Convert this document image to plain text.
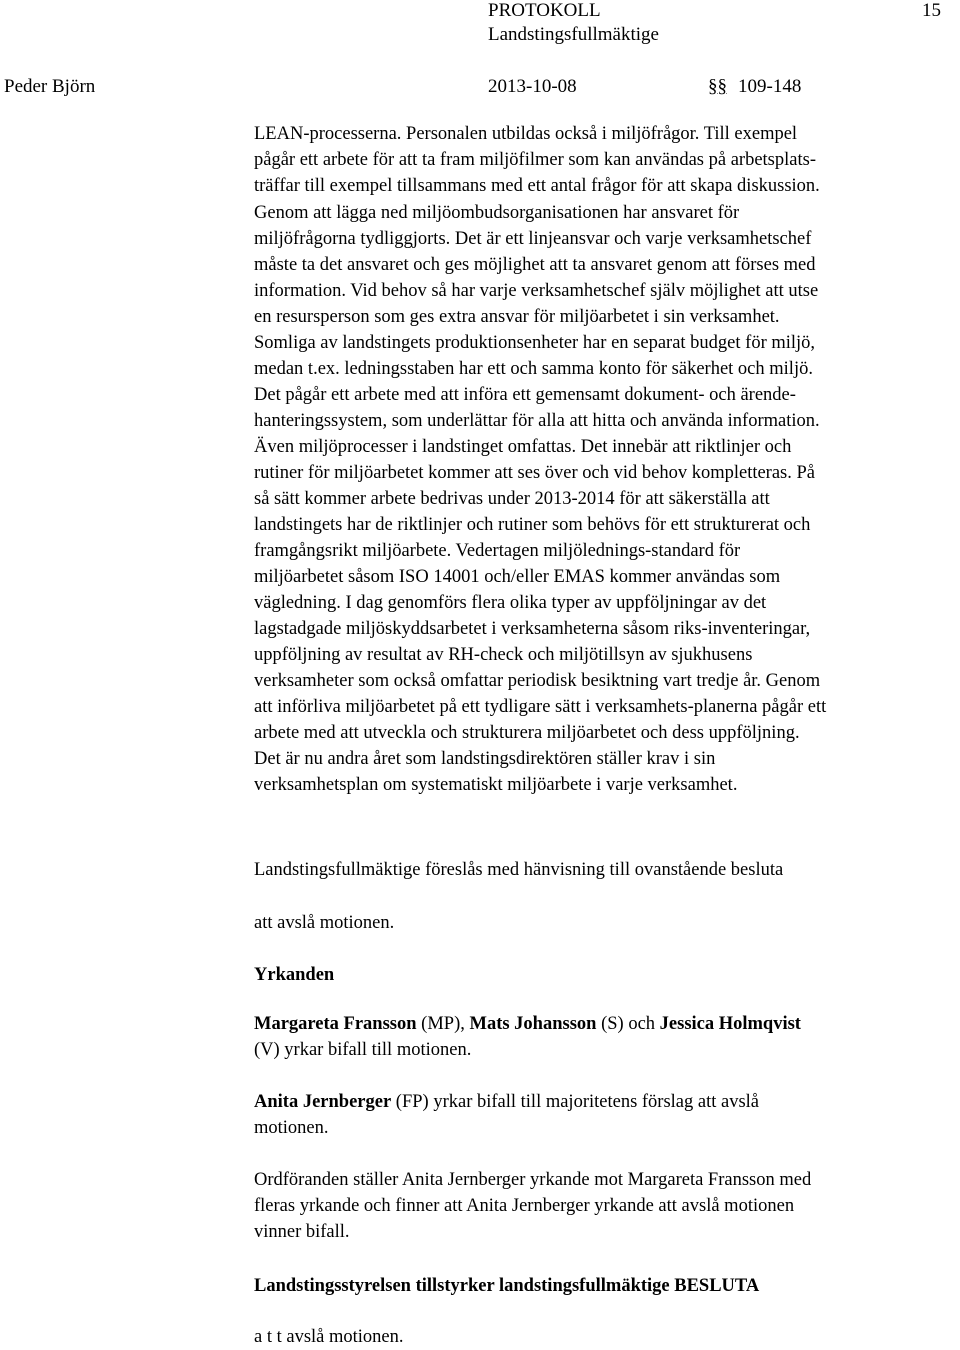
PROTOKOLL	15
Landstingsfullmäktige
Peder Björn	2013-10-08	§§ 109-148
LEAN-processerna. Personalen utbildas också i miljöfrågor. Till exempel
pågår ett arbete för att ta fram miljöfilmer som kan användas på arbetsplats-
träffar till exempel tillsammans med ett antal frågor för att skapa diskussion.
Genom att lägga ned miljöombudsorganisationen har ansvaret för
miljöfrågorna tydliggjorts. Det är ett linjeansvar och varje verksamhetschef
måste ta det ansvaret och ges möjlighet att ta ansvaret genom att förses med
information. Vid behov så har varje verksamhetschef själv möjlighet att utse
en resursperson som ges extra ansvar för miljöarbetet i sin verksamhet.
Somliga av landstingets produktionsenheter har en separat budget för miljö,
medan t.ex. ledningsstaben har ett och samma konto för säkerhet och miljö.
Det pågår ett arbete med att införa ett gemensamt dokument- och ärende-
hanteringssystem, som underlättar för alla att hitta och använda information.
Även miljöprocesser i landstinget omfattas. Det innebär att riktlinjer och
rutiner för miljöarbetet kommer att ses över och vid behov kompletteras. På
så sätt kommer arbete bedrivas under 2013-2014 för att säkerställa att
landstingets har de riktlinjer och rutiner som behövs för ett strukturerat och
framgångsrikt miljöarbete. Vedertagen miljölednings-standard för
miljöarbetet såsom ISO 14001 och/eller EMAS kommer användas som
vägledning. I dag genomförs flera olika typer av uppföljningar av det
lagstadgade miljöskyddsarbetet i verksamheterna såsom riks-inventeringar,
uppföljning av resultat av RH-check och miljötillsyn av sjukhusens
verksamheter som också omfattar periodisk besiktning vart tredje år. Genom
att införliva miljöarbetet på ett tydligare sätt i verksamhets-planerna pågår ett
arbete med att utveckla och strukturera miljöarbetet och dess uppföljning.
Det är nu andra året som landstingsdirektören ställer krav i sin
verksamhetsplan om systematiskt miljöarbete i varje verksamhet.
Landstingsfullmäktige föreslås med hänvisning till ovanstående besluta
att avslå motionen.
Yrkanden
Margareta Fransson (MP), Mats Johansson (S) och Jessica Holmqvist
(V) yrkar bifall till motionen.
Anita Jernberger (FP) yrkar bifall till majoritetens förslag att avslå
motionen.
Ordföranden ställer Anita Jernberger yrkande mot Margareta Fransson med
fleras yrkande och finner att Anita Jernberger yrkande att avslå motionen
vinner bifall.
Landstingsstyrelsen tillstyrker landstingsfullmäktige BESLUTA
a t t avslå motionen.
